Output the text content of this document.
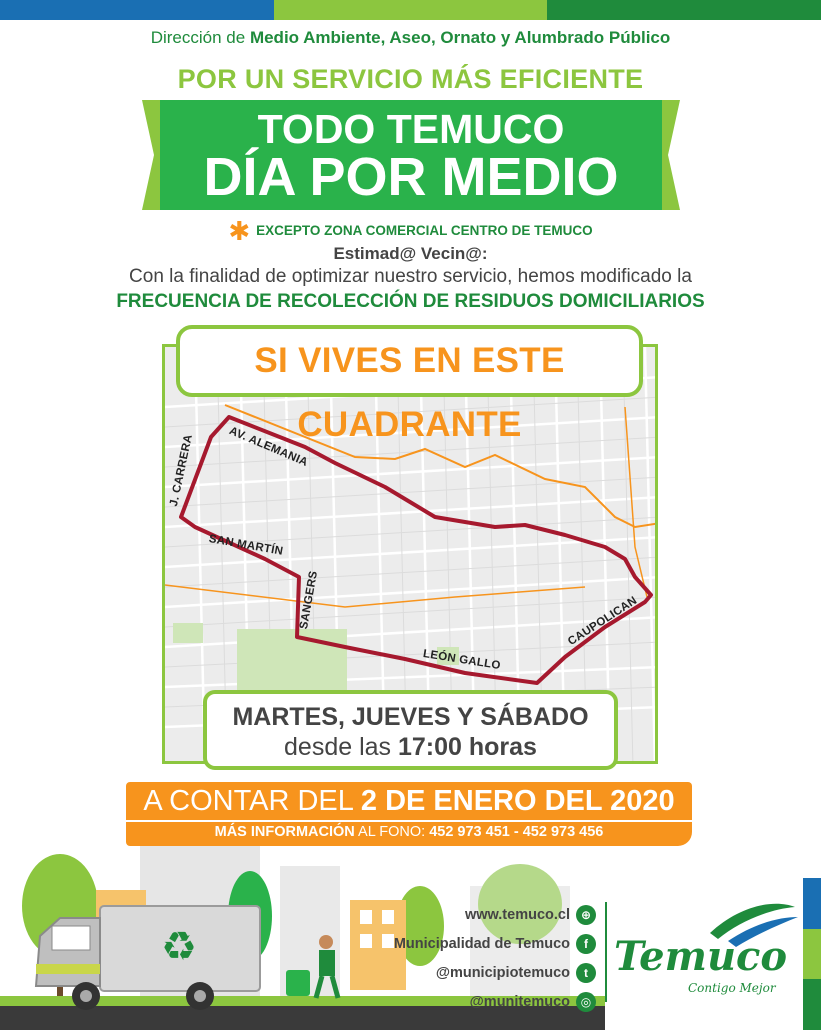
Dirección de Medio Ambiente, Aseo, Ornato y Alumbrado Público
POR UN SERVICIO MÁS EFICIENTE
TODO TEMUCO
DÍA POR MEDIO
✱ EXCEPTO ZONA COMERCIAL CENTRO DE TEMUCO
Estimad@ Vecin@:
Con la finalidad de optimizar nuestro servicio, hemos modificado la
FRECUENCIA DE RECOLECCIÓN DE RESIDUOS DOMICILIARIOS
SI VIVES EN ESTE CUADRANTE
AV. ALEMANIA
J. CARRERA
SAN MARTÍN
SANGERS
LEÓN GALLO
CAUPOLICAN
MARTES, JUEVES Y SÁBADO
desde las 17:00 horas
A CONTAR DEL 2 DE ENERO DEL 2020
MÁS INFORMACIÓN AL FONO: 452 973 451 - 452 973 456
♻
www.temuco.cl ⊕
Municipalidad de Temuco	f
@municipiotemuco	t
@munitemuco ◎
Temuco
Contigo Mejor
